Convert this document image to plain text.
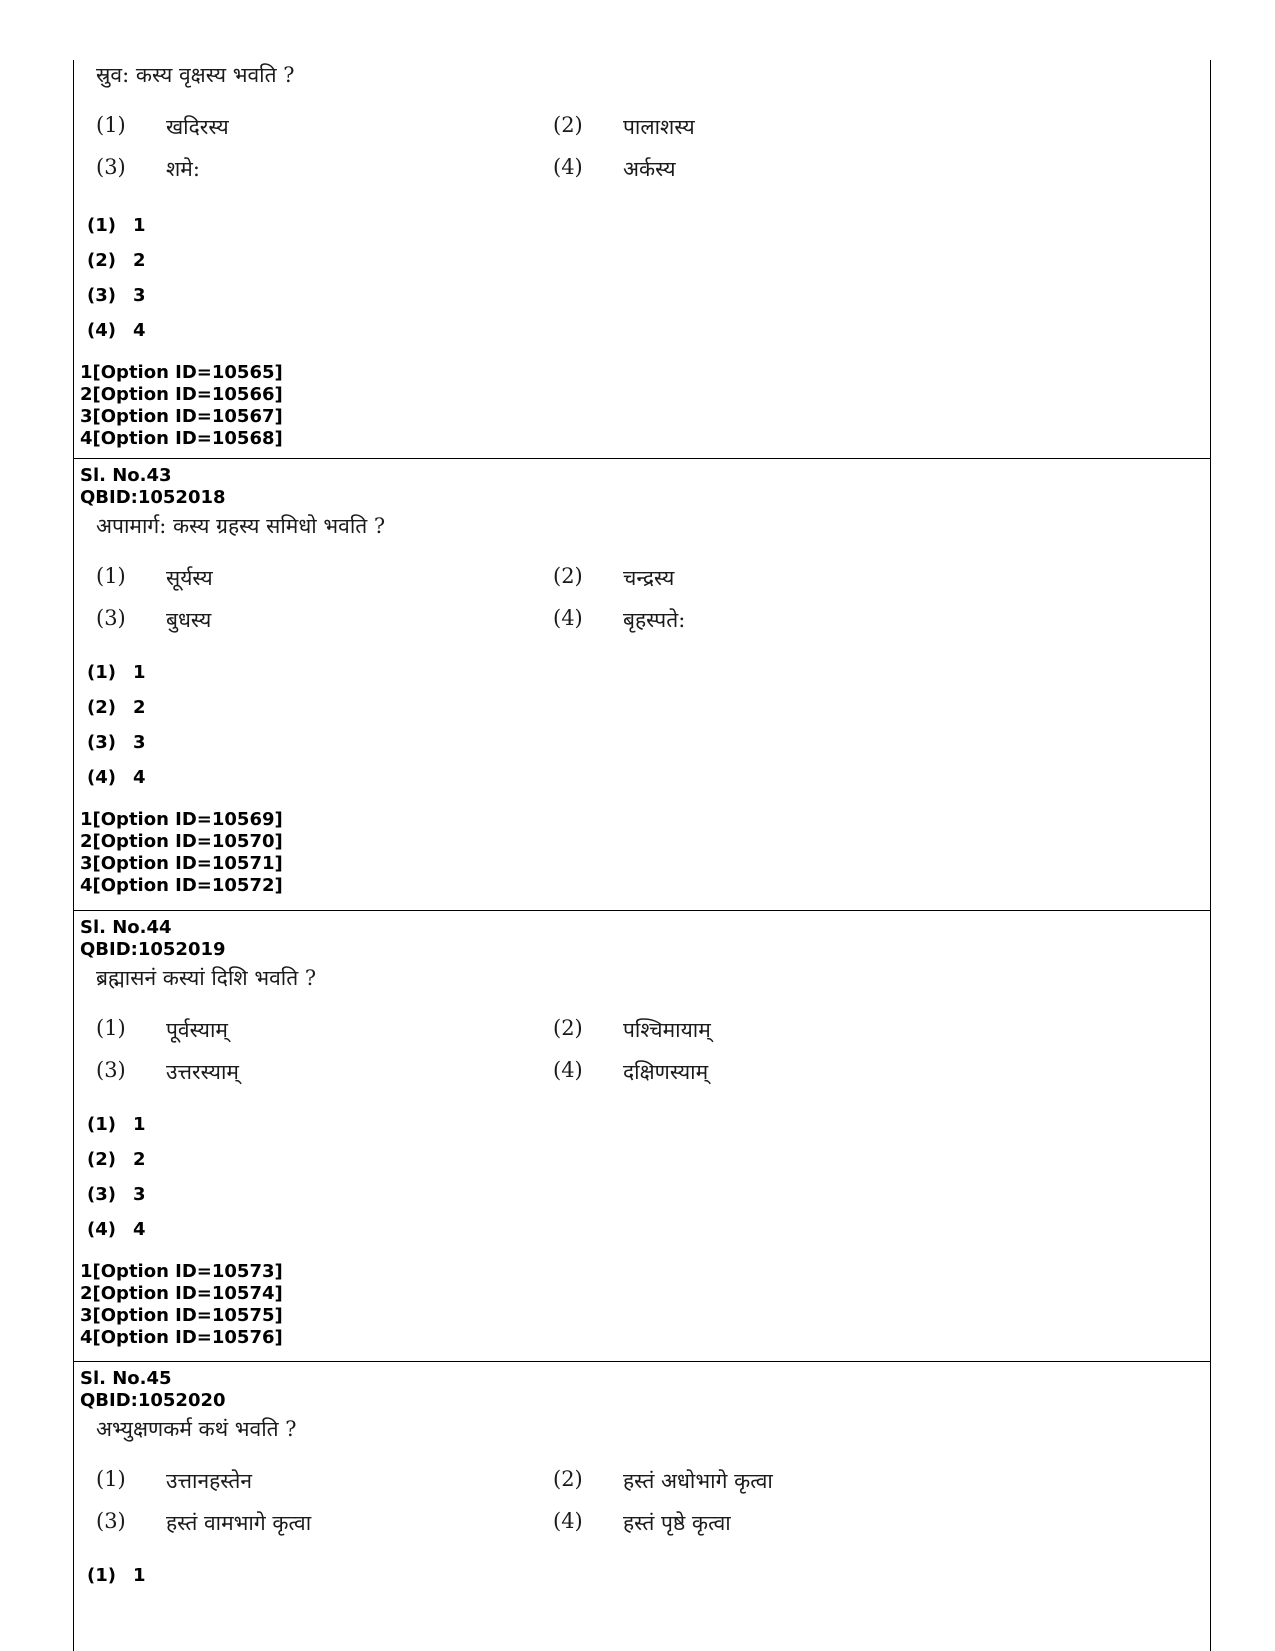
स्रुव: कस्य वृक्षस्य भवति ?
(1)	खदिरस्य	(2)	पालाशस्य
(3)	शमे:	(4)	अर्कस्य
(1) 1
(2) 2
(3) 3
(4) 4
1[Option ID=10565]
2[Option ID=10566]
3[Option ID=10567]
4[Option ID=10568]
Sl. No.43
QBID:1052018
अपामार्ग: कस्य ग्रहस्य समिधो भवति ?
(1)	सूर्यस्य	(2)	चन्द्रस्य
(3)	बुधस्य	(4)	बृहस्पते:
(1) 1
(2) 2
(3) 3
(4) 4
1[Option ID=10569]
2[Option ID=10570]
3[Option ID=10571]
4[Option ID=10572]
Sl. No.44
QBID:1052019
ब्रह्मासनं कस्यां दिशि भवति ?
(1)	पूर्वस्याम्	(2)	पश्चिमायाम्
(3)	उत्तरस्याम्	(4)	दक्षिणस्याम्
(1) 1
(2) 2
(3) 3
(4) 4
1[Option ID=10573]
2[Option ID=10574]
3[Option ID=10575]
4[Option ID=10576]
Sl. No.45
QBID:1052020
अभ्युक्षणकर्म कथं भवति ?
(1)	उत्तानहस्तेन	(2)	हस्तं अधोभागे कृत्वा
(3)	हस्तं वामभागे कृत्वा	(4)	हस्तं पृष्ठे कृत्वा
(1) 1
